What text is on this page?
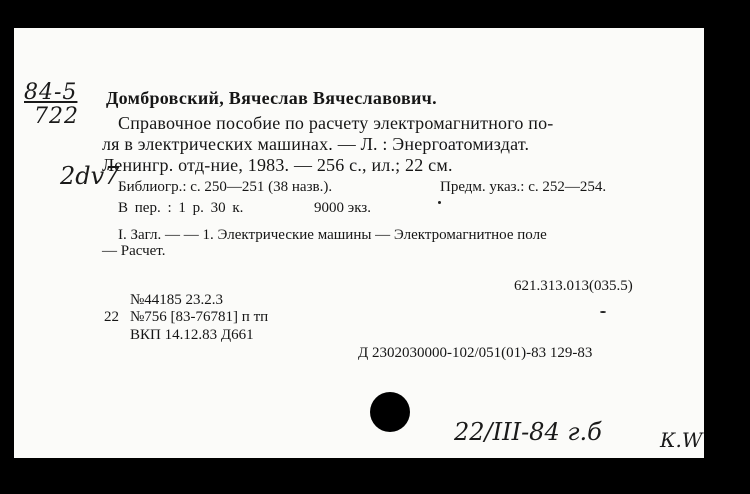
84-5
722
2dv7
Домбровский, Вячеслав Вячеславович.
Справочное пособие по расчету электромагнитного по-
ля в электрических машинах. — Л. : Энергоатомиздат.
Ленингр. отд-ние, 1983. — 256 с., ил.; 22 см.
Библиогр.: с. 250—251 (38 назв.).	Предм. указ.: с. 252—254.
В пер. : 1 р. 30 к.	9000 экз.
I. Загл. — — 1. Электрические машины — Электромагнитное поле
— Расчет.
621.313.013(035.5)
№44185 23.2.3
22 №756 [83-76781] п тп
ВКП 14.12.83 Д661
Д 2302030000-102/051(01)-83 129-83
22/III-84 г.б	К.W
